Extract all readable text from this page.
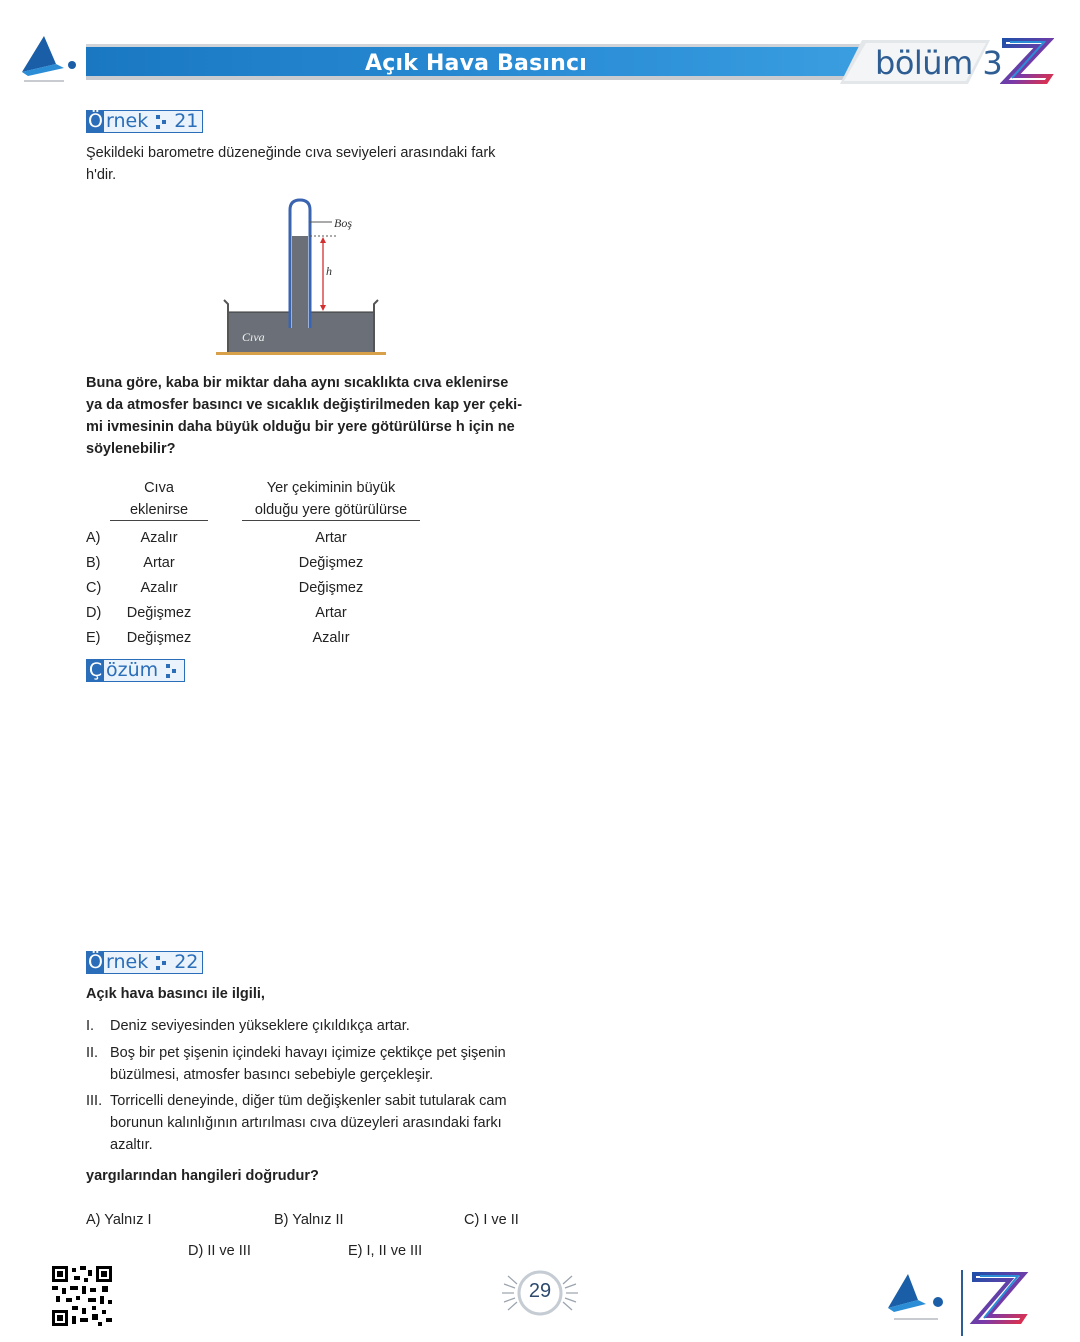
Açık Hava Basıncı	bölüm 3
Ö rnek 21
Şekildeki barometre düzeneğinde cıva seviyeleri arasındaki fark
h'dir.
Boş
h
Cıva
Buna göre, kaba bir miktar daha aynı sıcaklıkta cıva eklenirse
ya da atmosfer basıncı ve sıcaklık değiştirilmeden kap yer çeki-
mi ivmesinin daha büyük olduğu bir yere götürülürse h için ne
söylenebilir?
Cıva
eklenirse
Yer çekiminin büyük
olduğu yere götürülürse
A)	Azalır	Artar
B)	Artar	Değişmez
C)	Azalır	Değişmez
D)	Değişmez	Artar
E)	Değişmez	Azalır
Ç özüm
Ö rnek 22
Açık hava basıncı ile ilgili,
I. Deniz seviyesinden yükseklere çıkıldıkça artar.
II. Boş bir pet şişenin içindeki havayı içimize çektikçe pet şişenin
büzülmesi, atmosfer basıncı sebebiyle gerçekleşir.
III. Torricelli deneyinde, diğer tüm değişkenler sabit tutularak cam
borunun kalınlığının artırılması cıva düzeyleri arasındaki farkı
azaltır.
yargılarından hangileri doğrudur?
A) Yalnız I	B) Yalnız II	C) I ve II
D) II ve III	E) I, II ve III
29
